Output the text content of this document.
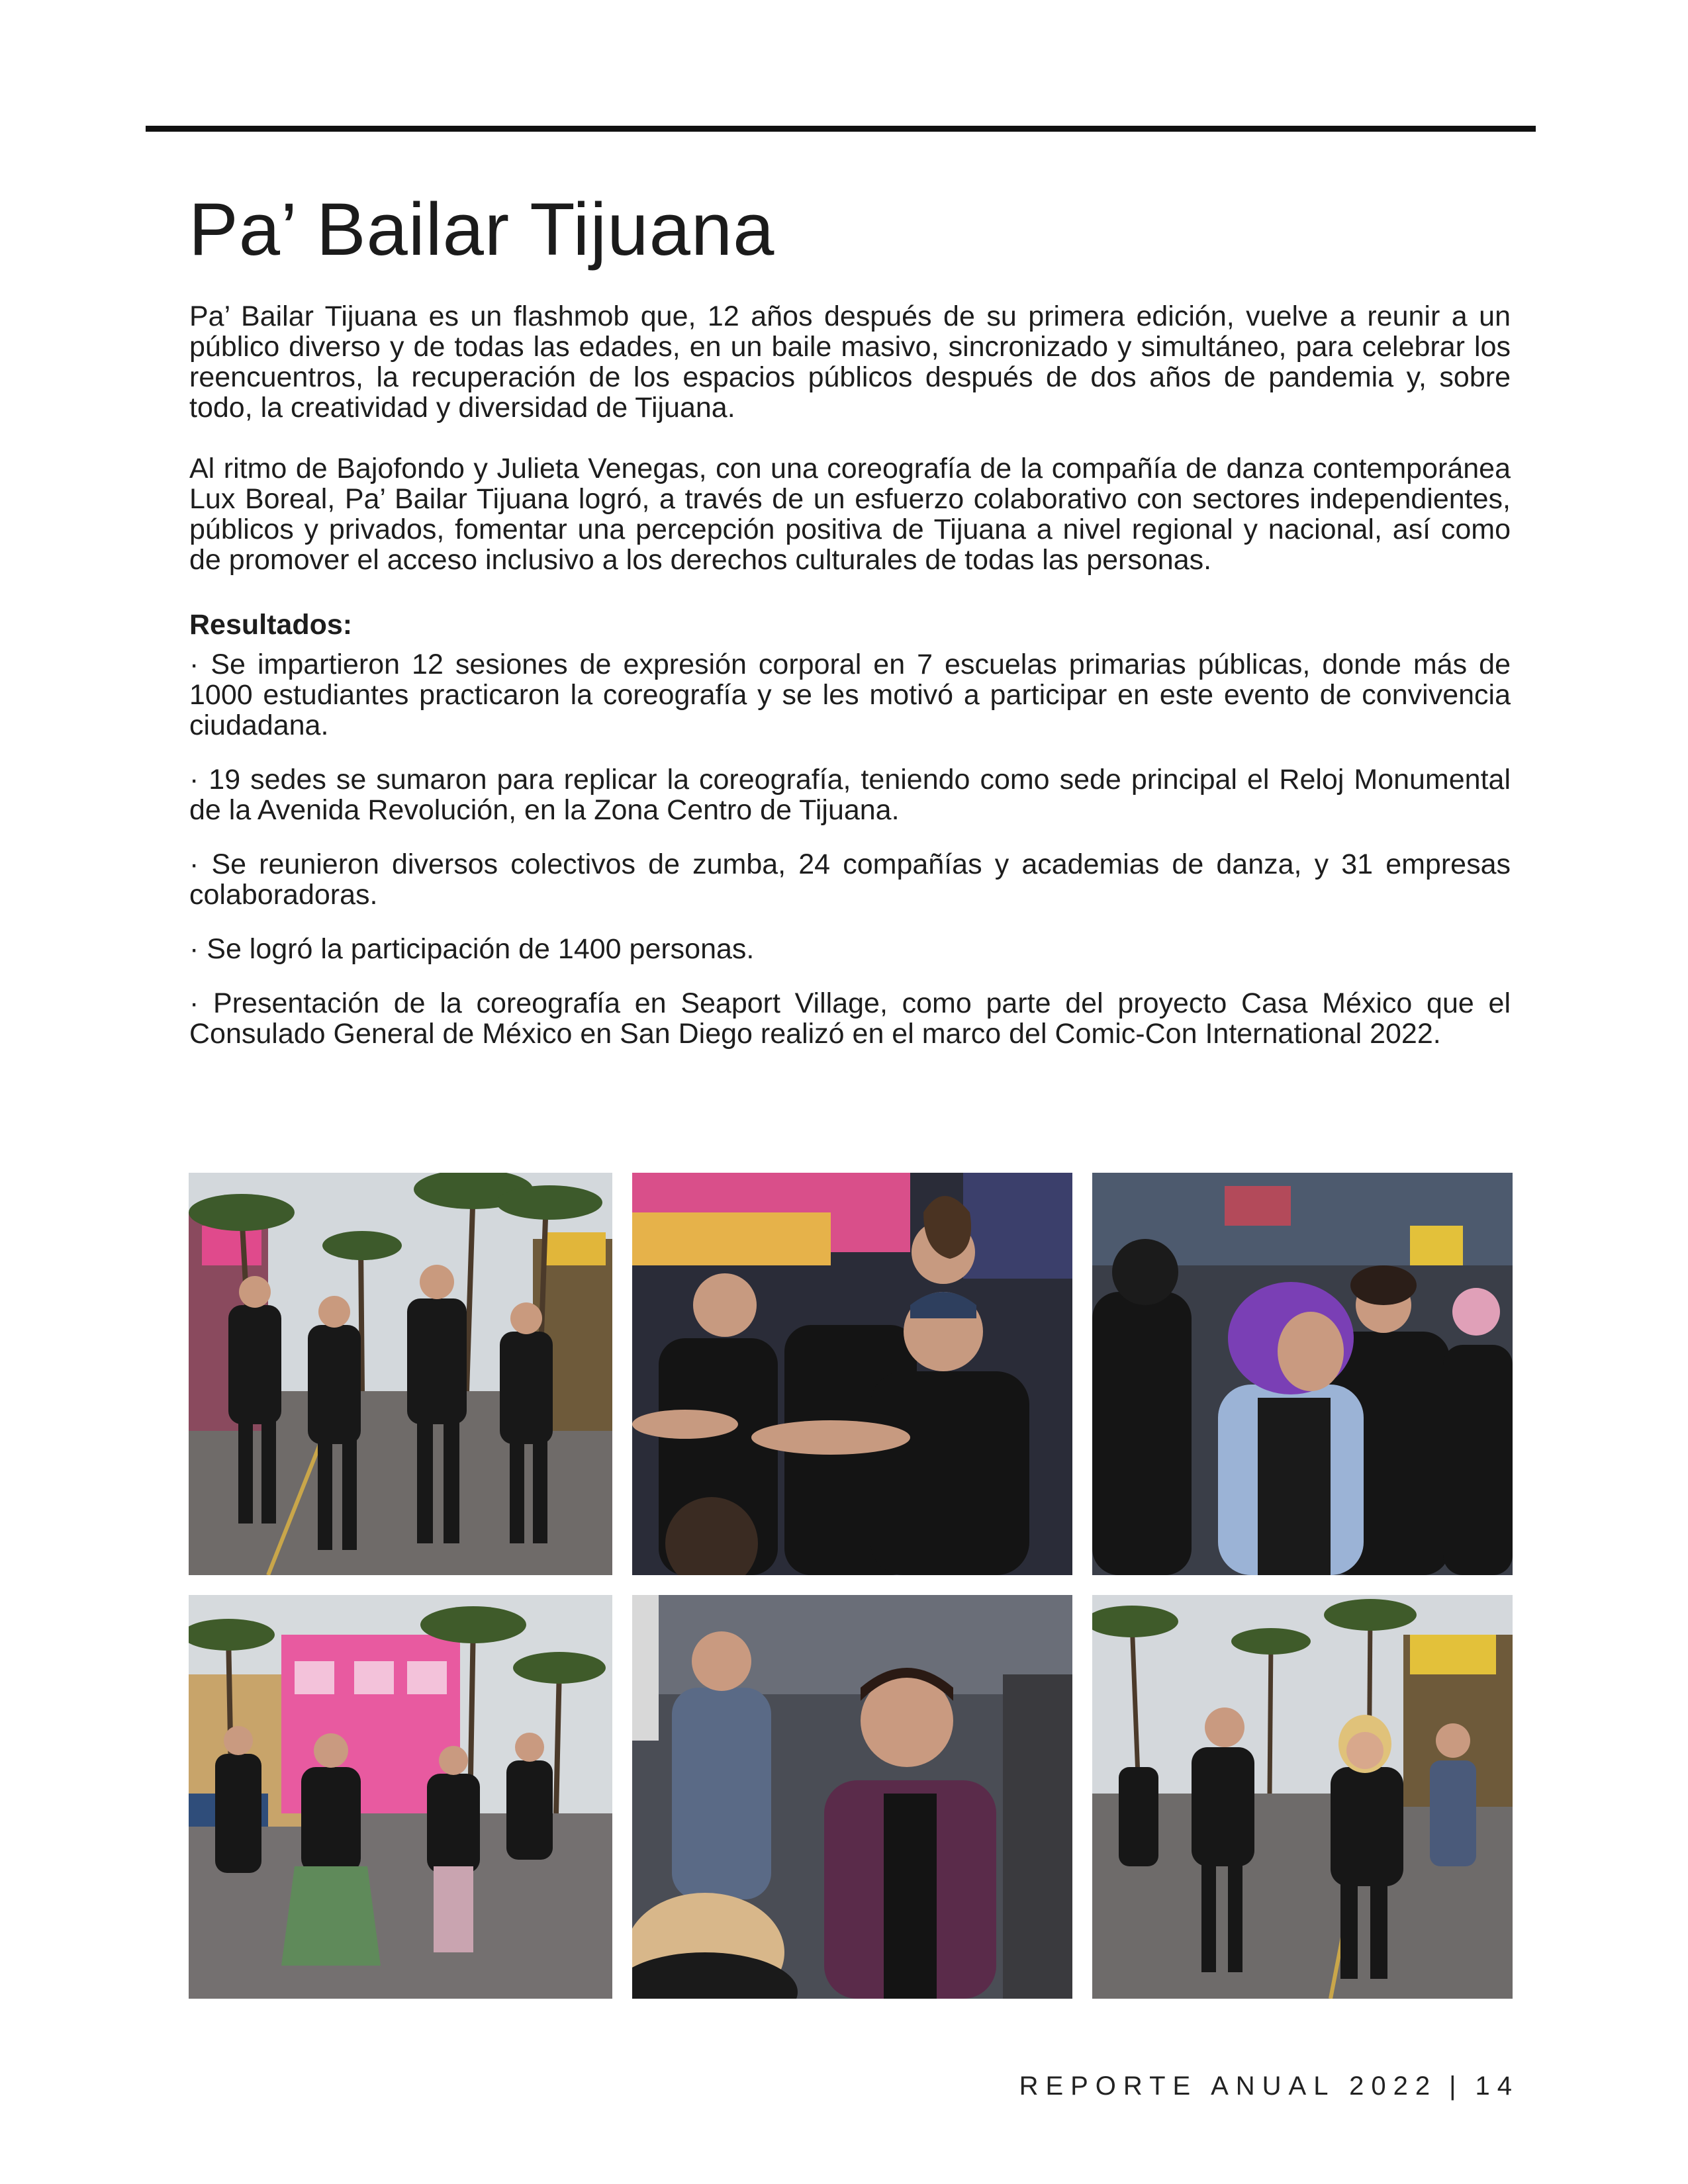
Pa’ Bailar Tijuana

Pa’ Bailar Tijuana es un flashmob que, 12 años después de su primera edición, vuelve a reunir a un público diverso y de todas las edades, en un baile masivo, sincronizado y simultáneo, para celebrar los reencuentros, la recuperación de los espacios públicos después de dos años de pandemia y, sobre todo, la creatividad y diversidad de Tijuana.

Al ritmo de Bajofondo y Julieta Venegas, con una coreografía de la compañía de danza contemporánea Lux Boreal, Pa’ Bailar Tijuana logró, a través de un esfuerzo colaborativo con sectores independientes, públicos y privados, fomentar una percepción positiva de Tijuana a nivel regional y nacional, así como de promover el acceso inclusivo a los derechos culturales de todas las personas.

Resultados:

· Se impartieron 12 sesiones de expresión corporal en 7 escuelas primarias públicas, donde más de 1000 estudiantes practicaron la coreografía y se les motivó a participar en este evento de convivencia ciudadana.

· 19 sedes se sumaron para replicar la coreografía, teniendo como sede principal el Reloj Monumental de la Avenida Revolución, en la Zona Centro de Tijuana.

· Se reunieron diversos colectivos de zumba, 24 compañías y academias de danza, y 31 empresas colaboradoras.

· Se logró la participación de 1400 personas.

· Presentación de la coreografía en Seaport Village, como parte del proyecto Casa México que el Consulado General de México en San Diego realizó en el marco del Comic-Con International 2022.

REPORTE ANUAL 2022 | 14
